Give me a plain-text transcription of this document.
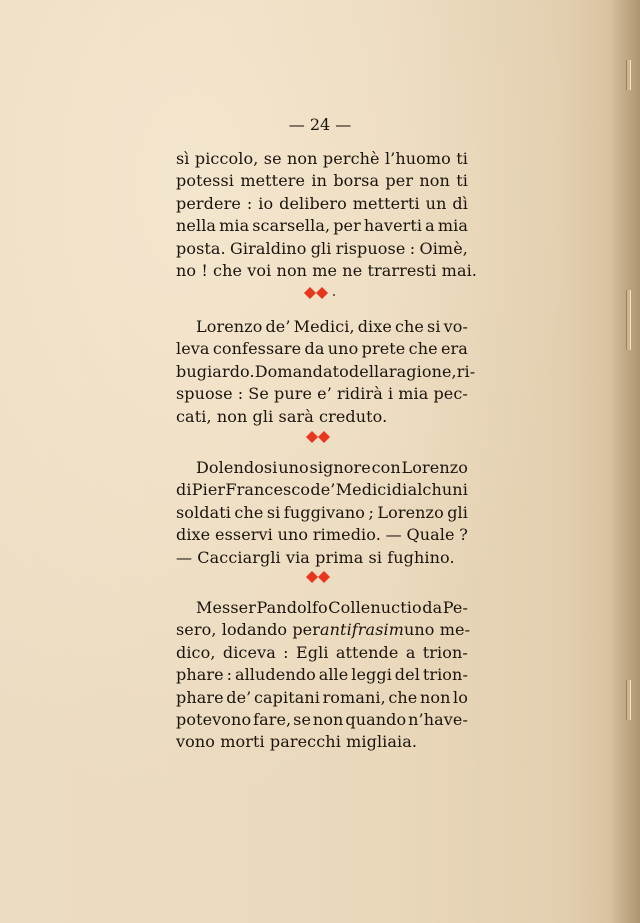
— 24 —
sì piccolo, se non perchè l’huomo ti
potessi mettere in borsa per non ti
perdere : io delibero metterti un dì
nella mia scarsella, per haverti a mia
posta. Giraldino gli rispuose : Oimè,
no ! che voi non me ne trarresti mai.
Lorenzo de’ Medici, dixe che si vo-
leva confessare da uno prete che era
bugiardo. Domandato della ragione, ri-
spuose : Se pure e’ ridirà i mia pec-
cati, non gli sarà creduto.
Dolendosi uno signore con Lorenzo
di Pier Francesco de’ Medici di alchuni
soldati che si fuggivano ; Lorenzo gli
dixe esservi uno rimedio. — Quale ?
— Cacciargli via prima si fughino.
Messer Pandolfo Collenuctio da Pe-
sero, lodando per antifrasim uno me-
dico, diceva : Egli attende a trion-
phare : alludendo alle leggi del trion-
phare de’ capitani romani, che non lo
potevono fare, se non quando n’have-
vono morti parecchi migliaia.
